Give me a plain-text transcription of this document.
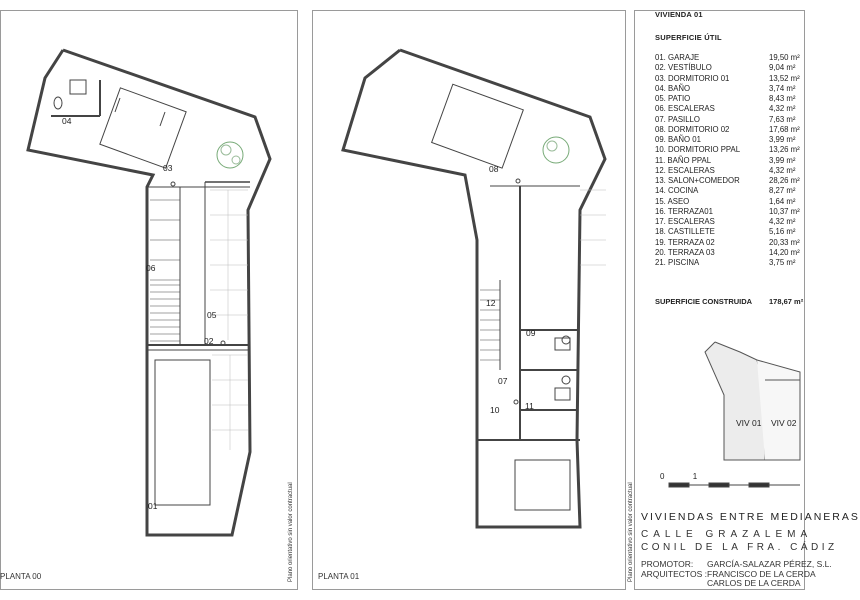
04
03
06
05
02
01
08
12
09
07
10	11
VIV 01 VIV 02
PLANTA 00	PLANTA 01
Plano orientativo sin valor contractual	Plano orientativo sin valor contractual
VIVIENDA 01
SUPERFICIE ÚTIL
01. GARAJE	19,50 m²
02. VESTÍBULO	9,04 m²
03. DORMITORIO 01	13,52 m²
04. BAÑO	3,74 m²
05. PATIO	8,43 m²
06. ESCALERAS	4,32 m²
07. PASILLO	7,63 m²
08. DORMITORIO 02	17,68 m²
09. BAÑO 01	3,99 m²
10. DORMITORIO PPAL	13,26 m²
11. BAÑO PPAL	3,99 m²
12. ESCALERAS	4,32 m²
13. SALON+COMEDOR	28,26 m²
14. COCINA	8,27 m²
15. ASEO	1,64 m²
16. TERRAZA01	10,37 m²
17. ESCALERAS	4,32 m²
18. CASTILLETE	5,16 m²
19. TERRAZA 02	20,33 m²
20. TERRAZA 03	14,20 m²
21. PISCINA	3,75 m²
SUPERFICIE CONSTRUIDA 178,67 m²
0	1
VIVIENDAS ENTRE MEDIANERAS
CALLE GRAZALEMA
CONIL DE LA FRA. CÁDIZ
PROMOTOR: GARCÍA-SALAZAR PÉREZ, S.L.
ARQUITECTOS :FRANCISCO DE LA CERDA
CARLOS DE LA CERDA
